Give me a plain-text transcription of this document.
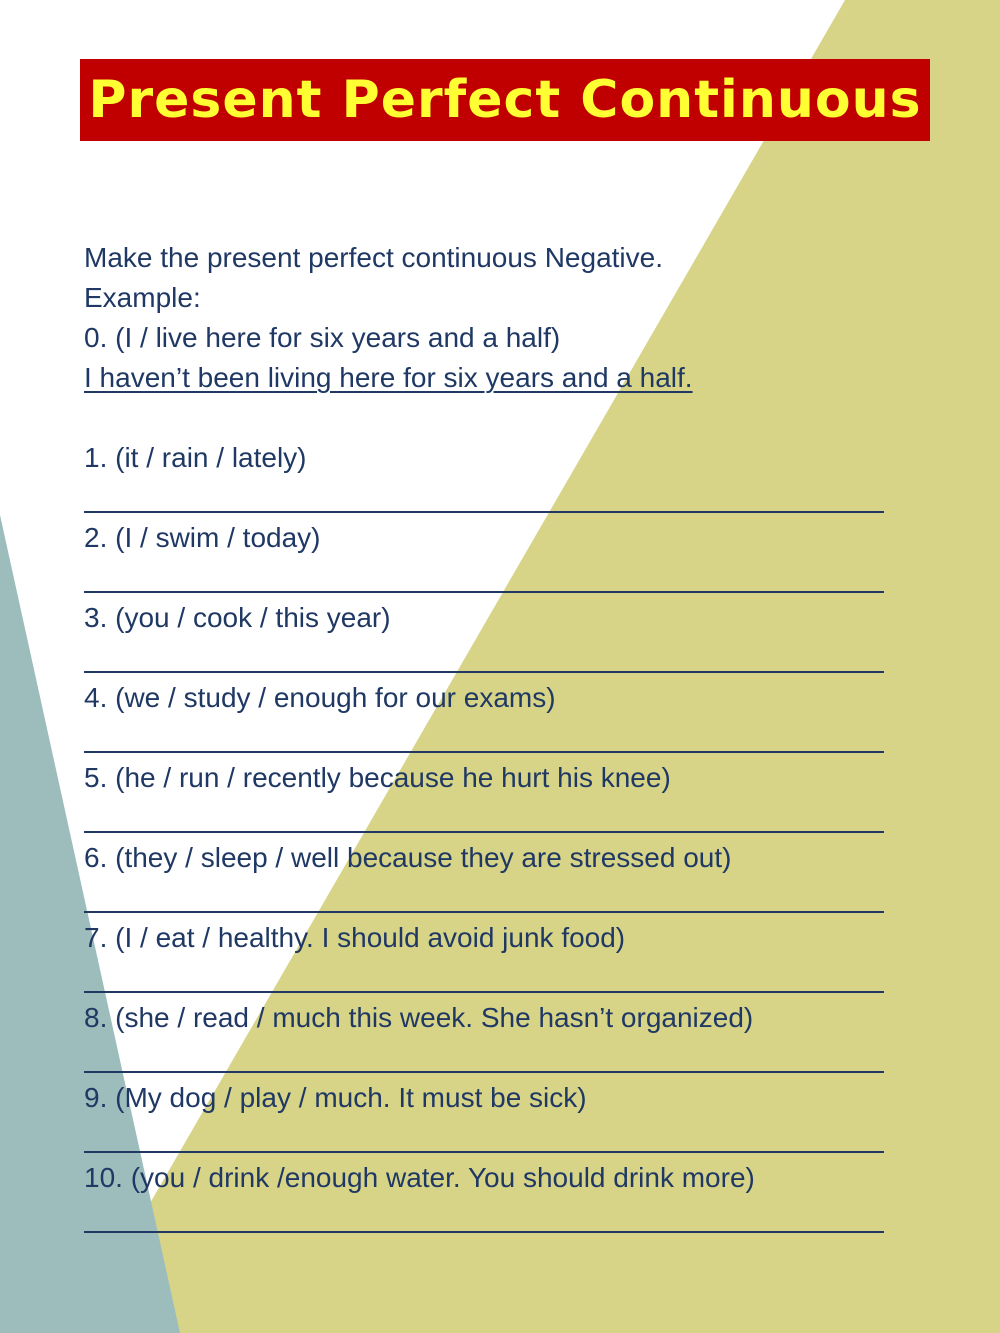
Present Perfect Continuous
Make the present perfect continuous Negative.
Example:
0. (I / live here for six years and a half)
I haven’t been living here for six years and a half.
1. (it / rain / lately)
2. (I / swim / today)
3. (you / cook / this year)
4. (we / study / enough for our exams)
5. (he / run / recently because he hurt his knee)
6. (they / sleep / well because they are stressed out)
7. (I / eat / healthy. I should avoid junk food)
8. (she / read / much this week. She hasn’t organized)
9. (My dog / play / much. It must be sick)
10. (you / drink /enough water. You should drink more)
